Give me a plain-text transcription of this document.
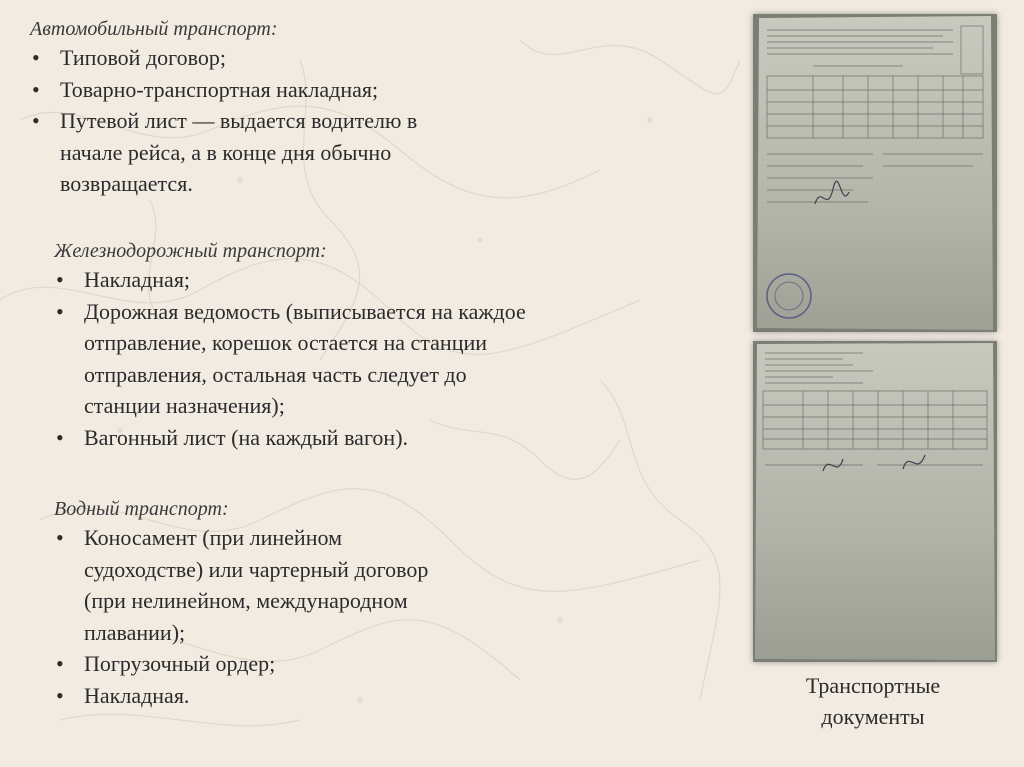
Автомобильный транспорт:
• Типовой договор;
• Товарно-транспортная накладная;
• Путевой лист — выдается водителю в
начале рейса, а в конце дня обычно
возвращается.
Железнодорожный транспорт:
• Накладная;
• Дорожная ведомость (выписывается на каждое
отправление, корешок остается на станции
отправления, остальная часть следует до
станции назначения);
• Вагонный лист (на каждый вагон).
Водный транспорт:
• Коносамент (при линейном
судоходстве) или чартерный договор
(при нелинейном, международном
плавании);
• Погрузочный ордер;
• Накладная.	Транспортные
документы
